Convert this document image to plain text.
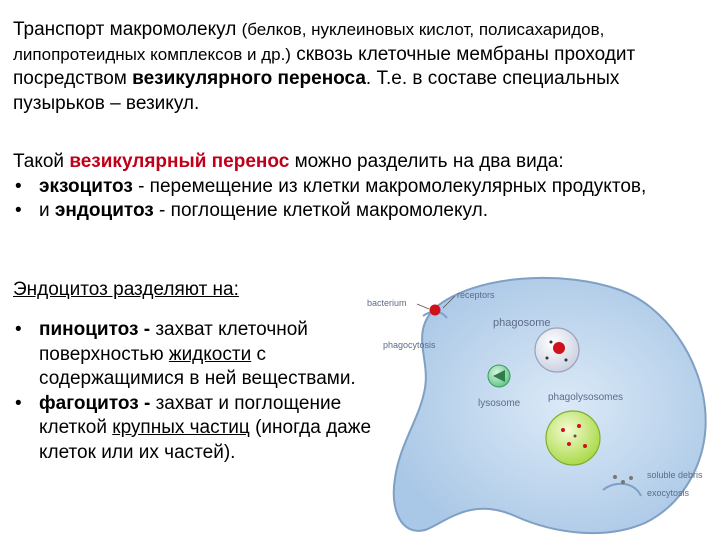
Транспорт макромолекул (белков, нуклеиновых кислот, полисахаридов, липопротеидных комплексов и др.) сквозь клеточные мембраны проходит посредством везикулярного переноса. Т.е. в составе специальных пузырьков – везикул.
Такой везикулярный перенос можно разделить на два вида:
• экзоцитоз - перемещение из клетки макромолекулярных продуктов,
• и эндоцитоз - поглощение клеткой макромолекул.
Эндоцитоз разделяют на:
• пиноцитоз - захват клеточной поверхностью жидкости с содержащимися в ней веществами.
• фагоцитоз - захват и поглощение клеткой крупных частиц (иногда даже клеток или их частей).
bacterium
receptors
phagosome
phagocytosis
lysosome
phagolysosomes
soluble debris
exocytosis
